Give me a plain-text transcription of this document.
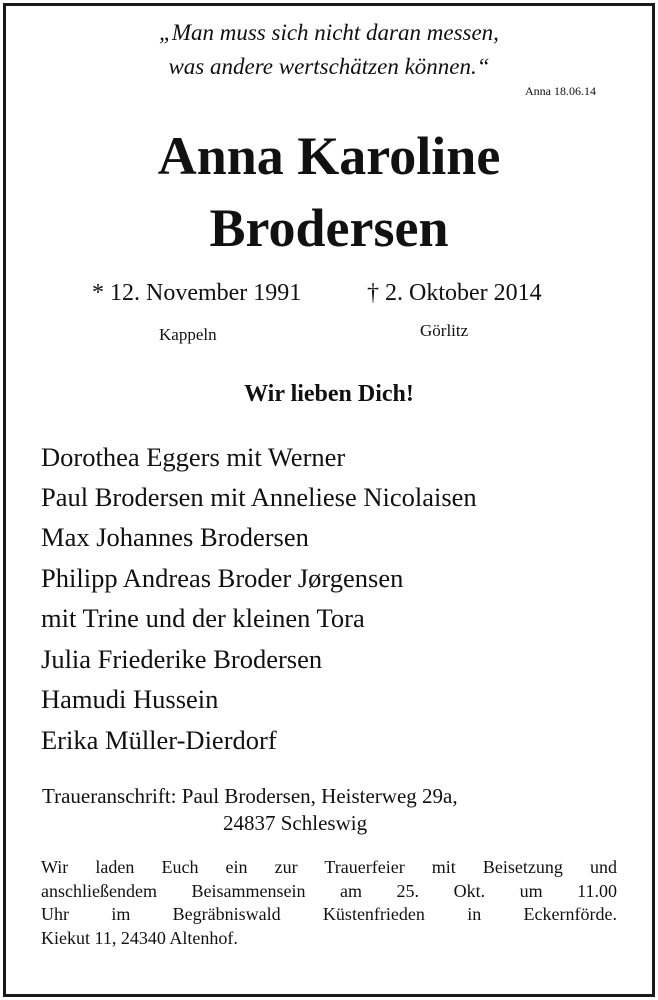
„Man muss sich nicht daran messen,
was andere wertschätzen können.“
Anna 18.06.14
Anna Karoline
Brodersen
* 12. November 1991	† 2. Oktober 2014
Kappeln	Görlitz
Wir lieben Dich!
Dorothea Eggers mit Werner
Paul Brodersen mit Anneliese Nicolaisen
Max Johannes Brodersen
Philipp Andreas Broder Jørgensen
mit Trine und der kleinen Tora
Julia Friederike Brodersen
Hamudi Hussein
Erika Müller-Dierdorf
Traueranschrift: Paul Brodersen, Heisterweg 29a,
24837 Schleswig
Wir laden Euch ein zur Trauerfeier mit Beisetzung und
anschließendem Beisammensein am 25. Okt. um 11.00
Uhr im Begräbniswald Küstenfrieden in Eckernförde.
Kiekut 11, 24340 Altenhof.
